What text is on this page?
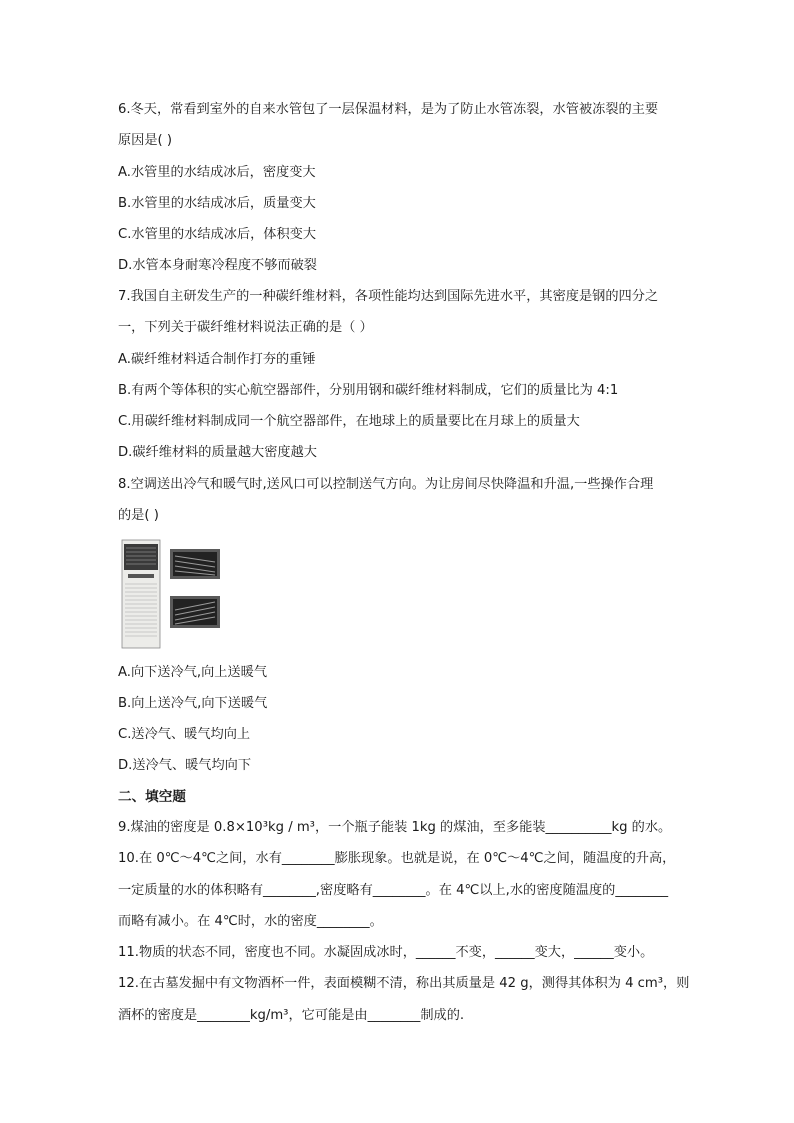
6.冬天，常看到室外的自来水管包了一层保温材料，是为了防止水管冻裂，水管被冻裂的主要
原因是( )
A.水管里的水结成冰后，密度变大
B.水管里的水结成冰后，质量变大
C.水管里的水结成冰后，体积变大
D.水管本身耐寒冷程度不够而破裂
7.我国自主研发生产的一种碳纤维材料，各项性能均达到国际先进水平，其密度是钢的四分之
一，下列关于碳纤维材料说法正确的是（ ）
A.碳纤维材料适合制作打夯的重锤
B.有两个等体积的实心航空器部件，分别用钢和碳纤维材料制成，它们的质量比为 4:1
C.用碳纤维材料制成同一个航空器部件，在地球上的质量要比在月球上的质量大
D.碳纤维材料的质量越大密度越大
8.空调送出冷气和暖气时,送风口可以控制送气方向。为让房间尽快降温和升温,一些操作合理
的是( )
A.向下送冷气,向上送暖气
B.向上送冷气,向下送暖气
C.送冷气、暖气均向上
D.送冷气、暖气均向下
二、填空题
9.煤油的密度是 0.8×10³kg / m³，一个瓶子能装 1kg 的煤油，至多能装__________kg 的水。
10.在 0℃～4℃之间，水有________膨胀现象。也就是说，在 0℃～4℃之间，随温度的升高，
一定质量的水的体积略有________,密度略有________。在 4℃以上,水的密度随温度的________
而略有减小。在 4℃时，水的密度________。
11.物质的状态不同，密度也不同。水凝固成冰时，______不变，______变大，______变小。
12.在古墓发掘中有文物酒杯一件，表面模糊不清，称出其质量是 42 g，测得其体积为 4 cm³，则
酒杯的密度是________kg/m³，它可能是由________制成的.
